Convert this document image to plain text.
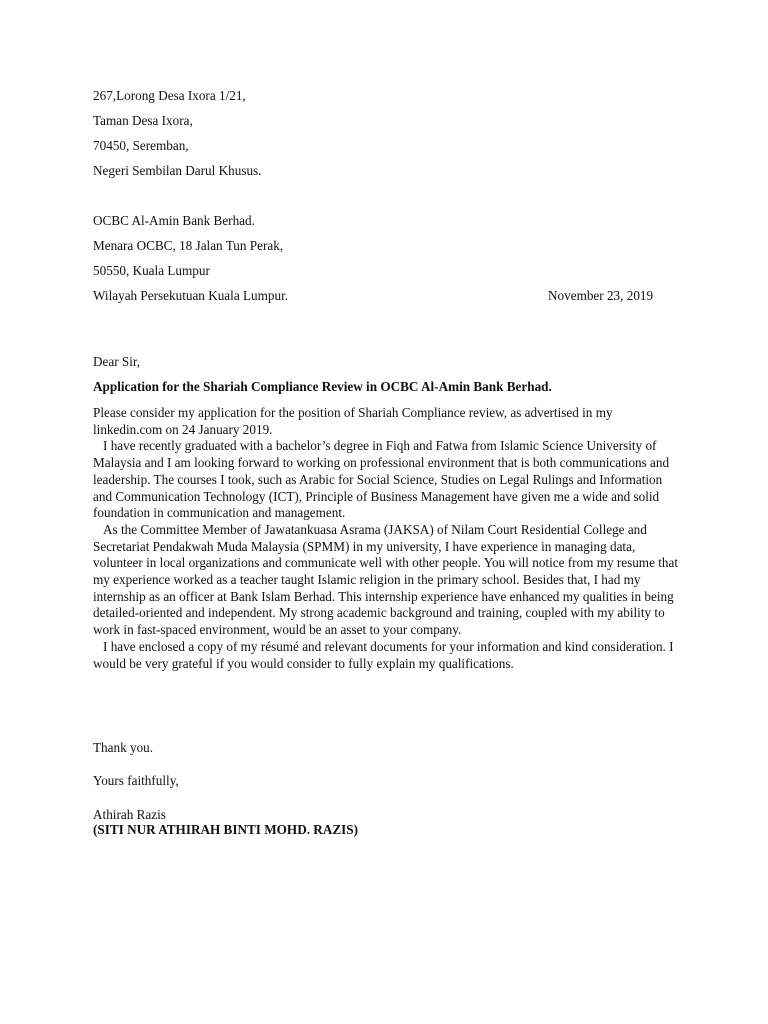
267,Lorong Desa Ixora 1/21,
Taman Desa Ixora,
70450, Seremban,
Negeri Sembilan Darul Khusus.
OCBC Al-Amin Bank Berhad.
Menara OCBC, 18 Jalan Tun Perak,
50550, Kuala Lumpur
Wilayah Persekutuan Kuala Lumpur.	November 23, 2019
Dear Sir,
Application for the Shariah Compliance Review in OCBC Al-Amin Bank Berhad.

Please consider my application for the position of Shariah Compliance review, as advertised in my linkedin.com on 24 January 2019.

I have recently graduated with a bachelor’s degree in Fiqh and Fatwa from Islamic Science University of Malaysia and I am looking forward to working on professional environment that is both communications and leadership. The courses I took, such as Arabic for Social Science, Studies on Legal Rulings and Information and Communication Technology (ICT), Principle of Business Management have given me a wide and solid foundation in communication and management.

As the Committee Member of Jawatankuasa Asrama (JAKSA) of Nilam Court Residential College and Secretariat Pendakwah Muda Malaysia (SPMM) in my university, I have experience in managing data, volunteer in local organizations and communicate well with other people. You will notice from my resume that my experience worked as a teacher taught Islamic religion in the primary school. Besides that, I had my internship as an officer at Bank Islam Berhad. This internship experience have enhanced my qualities in being detailed-oriented and independent. My strong academic background and training, coupled with my ability to work in fast-spaced environment, would be an asset to your company.

I have enclosed a copy of my résumé and relevant documents for your information and kind consideration. I would be very grateful if you would consider to fully explain my qualifications.

Thank you.
Yours faithfully,
Athirah Razis
(SITI NUR ATHIRAH BINTI MOHD. RAZIS)
